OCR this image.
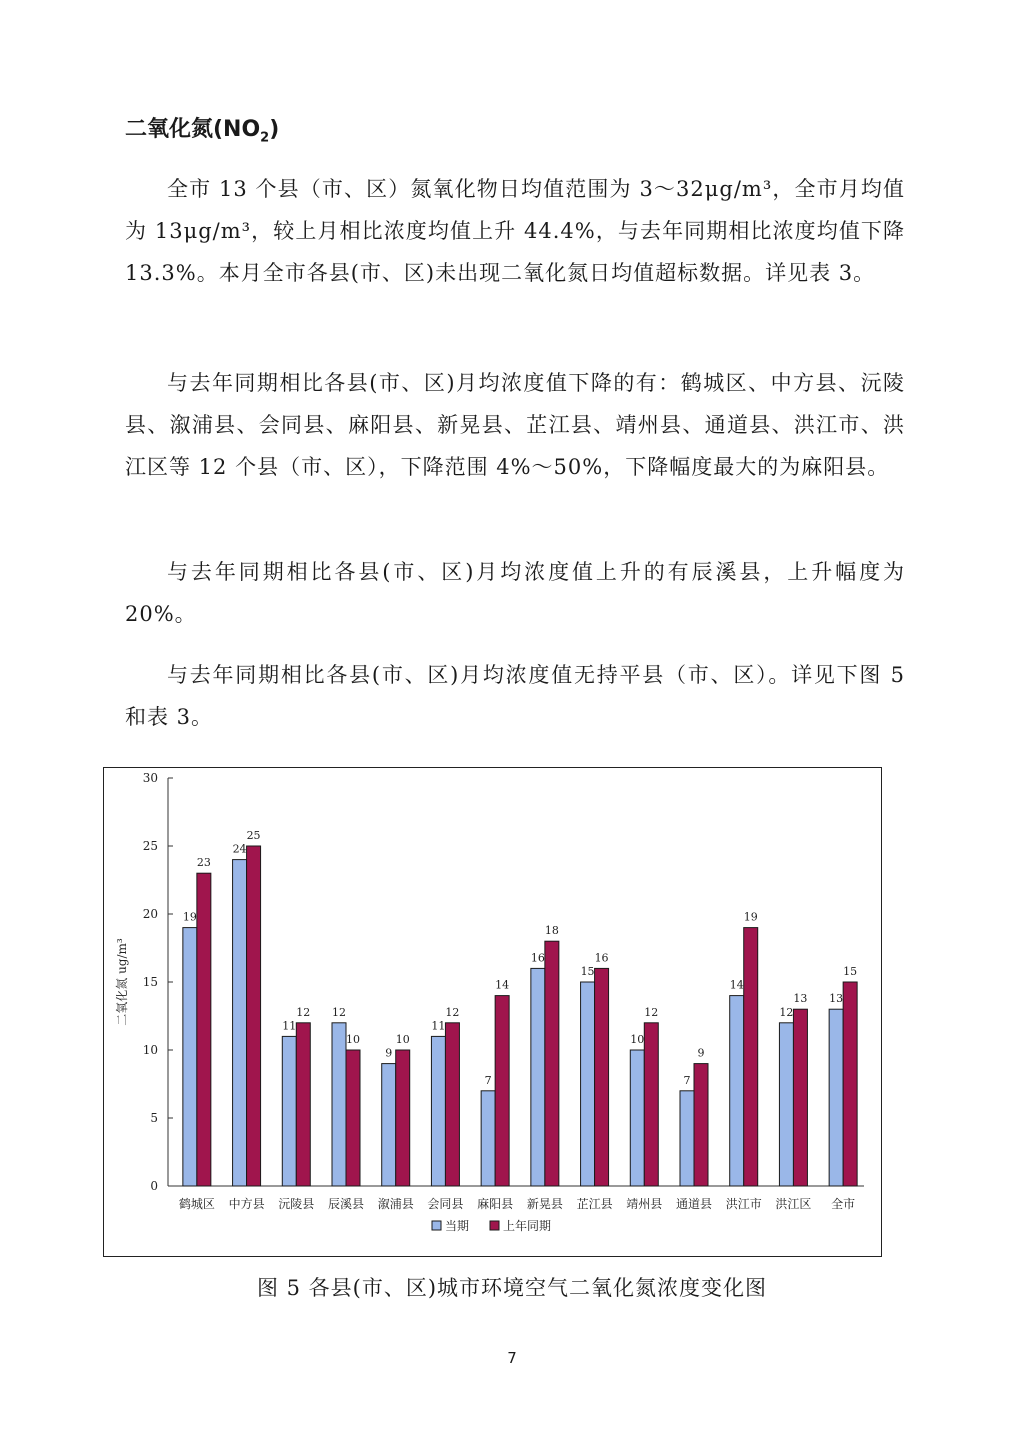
二氧化氮$(NO_2)$

全市 13 个县（市、区）氮氧化物日均值范围为 3～32μg/m³，全市月均值为 13μg/m³，较上月相比浓度均值上升 44.4%，与去年同期相比浓度均值下降 13.3%。本月全市各县(市、区)未出现二氧化氮日均值超标数据。详见表 3。

与去年同期相比各县(市、区)月均浓度值下降的有：鹤城区、中方县、沅陵县、溆浦县、会同县、麻阳县、新晃县、芷江县、靖州县、通道县、洪江市、洪江区等 12 个县（市、区），下降范围 4%～50%，下降幅度最大的为麻阳县。

与去年同期相比各县(市、区)月均浓度值上升的有辰溪县，上升幅度为 20%。

与去年同期相比各县(市、区)月均浓度值无持平县（市、区）。详见下图 5 和表 3。

0
5
10
15
20
25
30
二氧化氮 ug/m³
19
23
鹤城区
24
25
中方县
11
12
沅陵县
12
10
辰溪县
9
10
溆浦县
11
12
会同县
7
14
麻阳县
16
18
新晃县
15
16
芷江县
10
12
靖州县
7
9
通道县
14
19
洪江市
12
13
洪江区
13
15
全市
当期	上年同期
图 5 各县(市、区)城市环境空气二氧化氮浓度变化图
7
